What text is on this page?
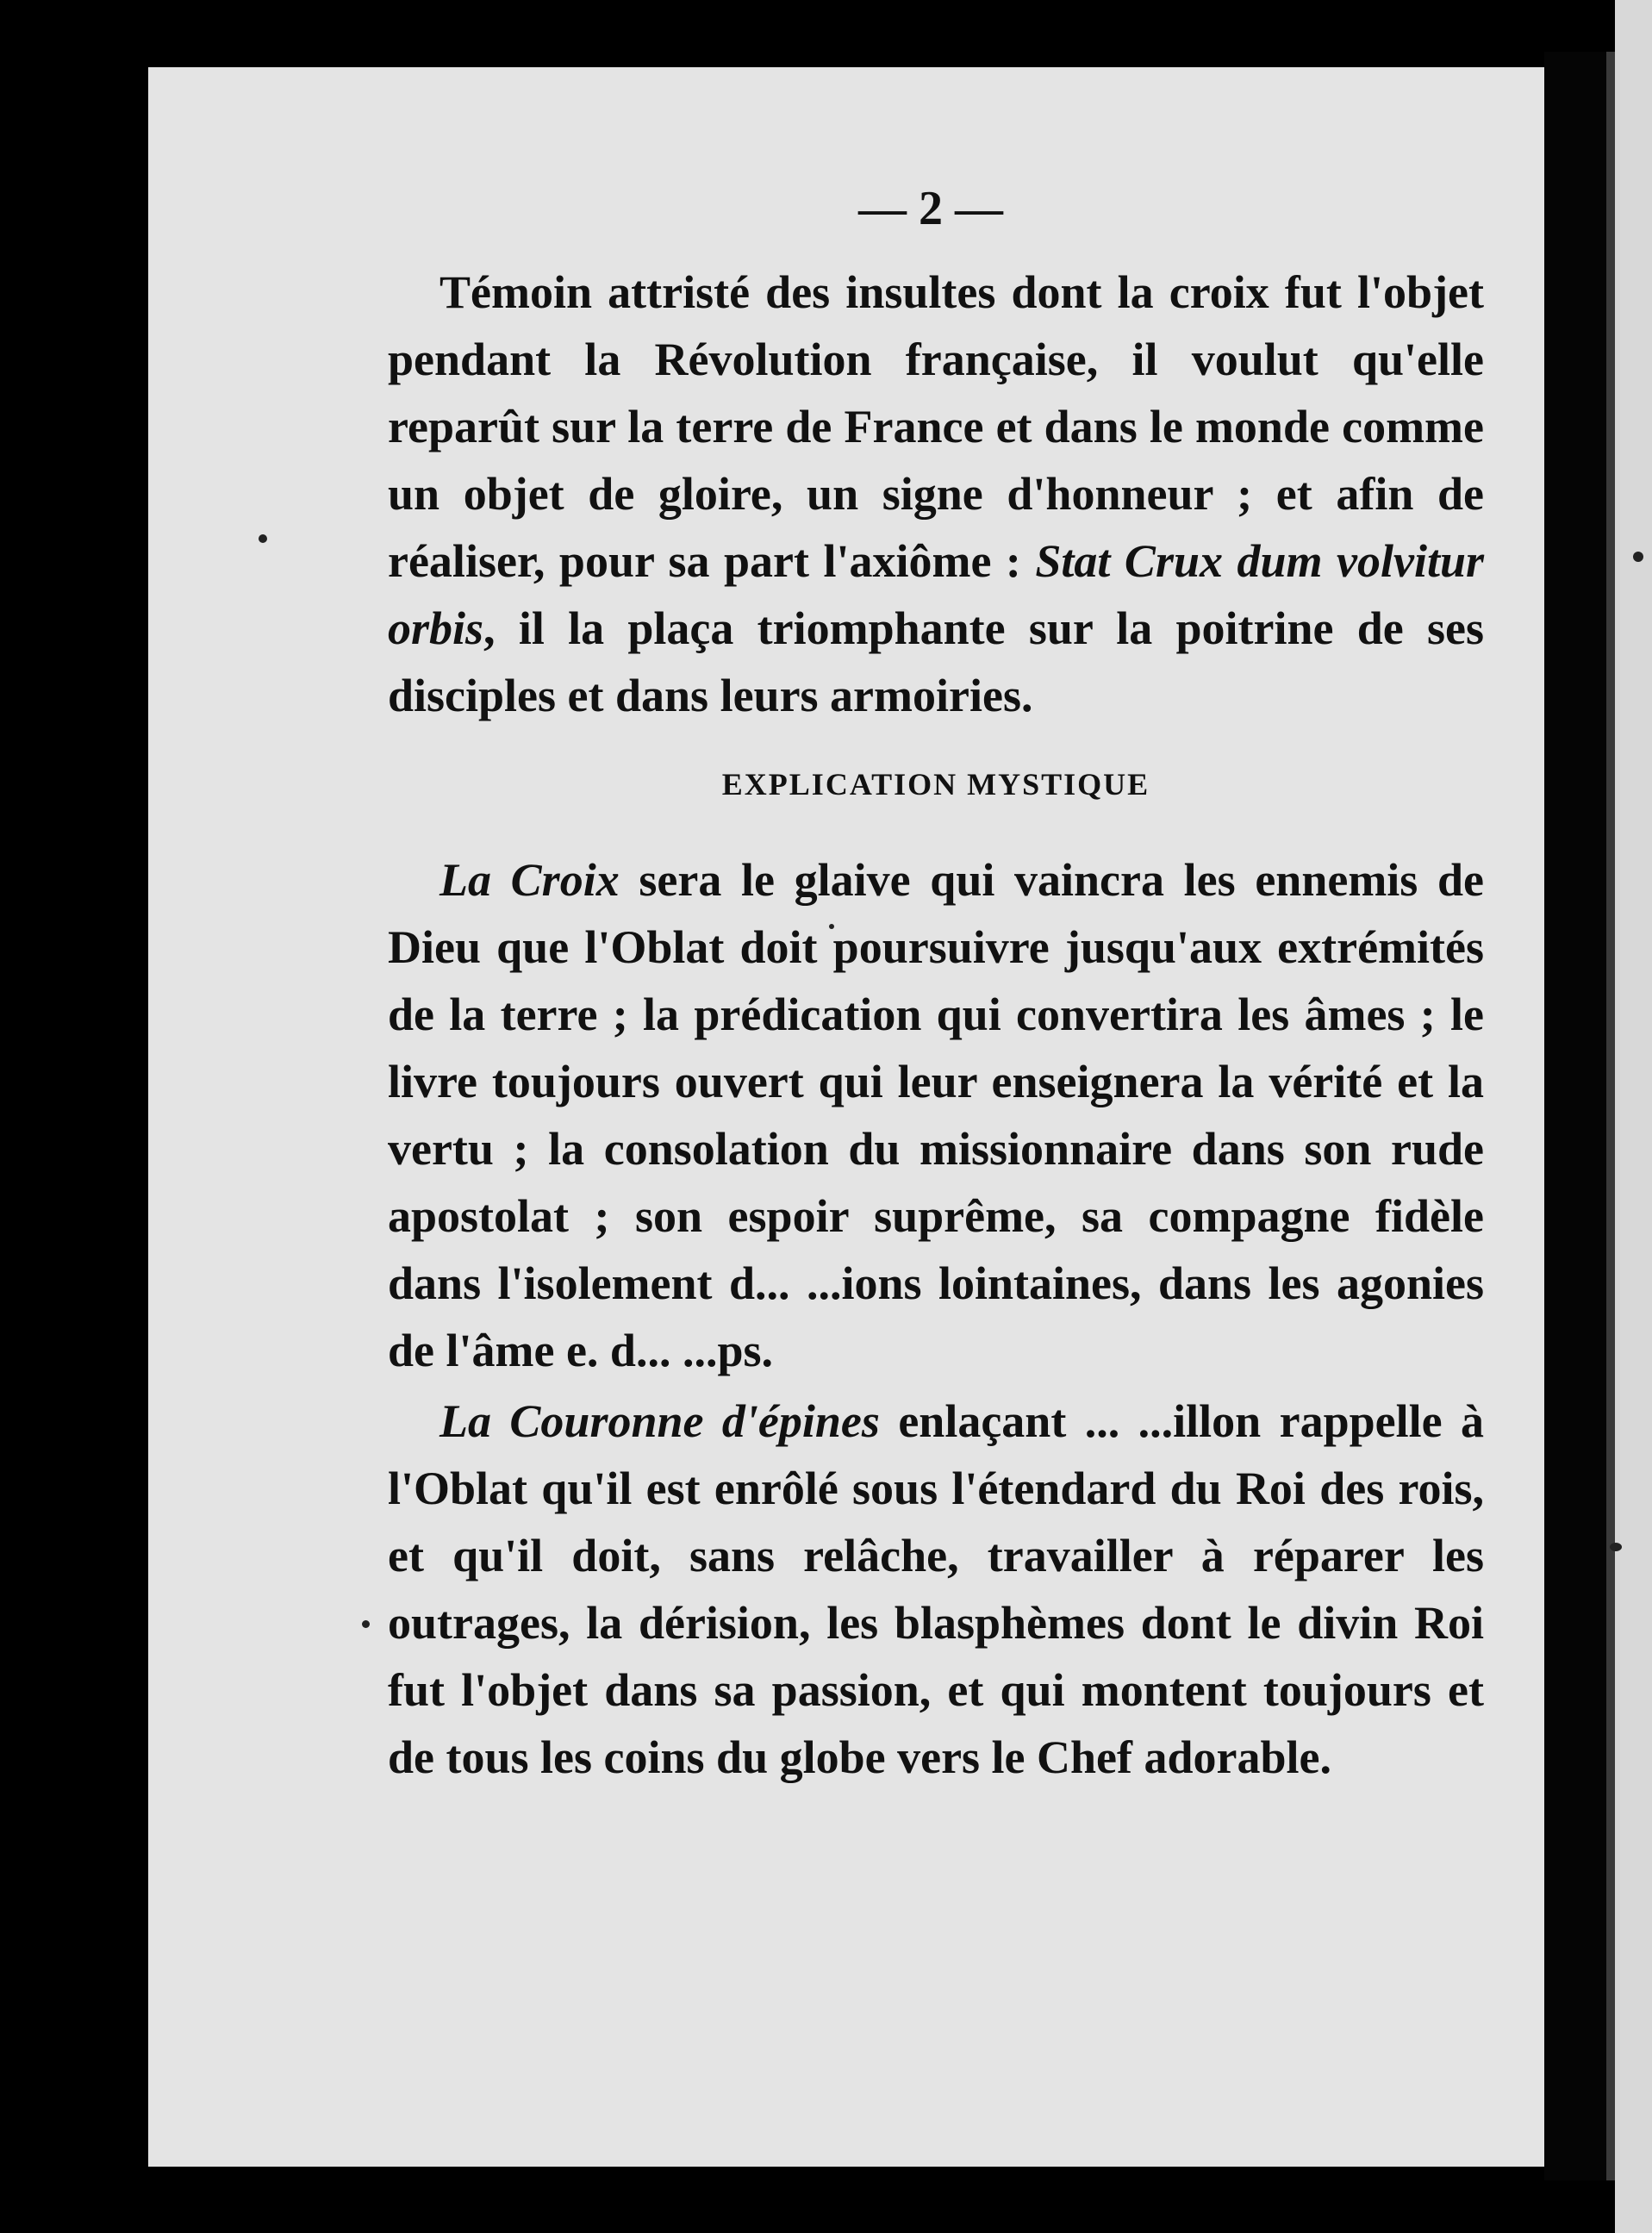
— 2 —

Témoin attristé des insultes dont la croix fut l'objet pendant la Révolution française, il voulut qu'elle reparût sur la terre de France et dans le monde comme un objet de gloire, un signe d'honneur ; et afin de réaliser, pour sa part l'axiôme : Stat Crux dum volvitur orbis, il la plaça triomphante sur la poitrine de ses disciples et dans leurs armoiries.

EXPLICATION MYSTIQUE

La Croix sera le glaive qui vaincra les ennemis de Dieu que l'Oblat doit poursuivre jusqu'aux extrémités de la terre ; la prédication qui convertira les âmes ; le livre toujours ouvert qui leur enseignera la vérité et la vertu ; la consolation du missionnaire dans son rude apostolat ; son espoir suprême, sa compagne fidèle dans l'isolement d... ...ions lointaines, dans les agonies de l'âme e. d... ...ps.

La Couronne d'épines enlaçant ... ...illon rappelle à l'Oblat qu'il est enrôlé sous l'étendard du Roi des rois, et qu'il doit, sans relâche, travailler à réparer les outrages, la dérision, les blasphèmes dont le divin Roi fut l'objet dans sa passion, et qui montent toujours et de tous les coins du globe vers le Chef adorable.
